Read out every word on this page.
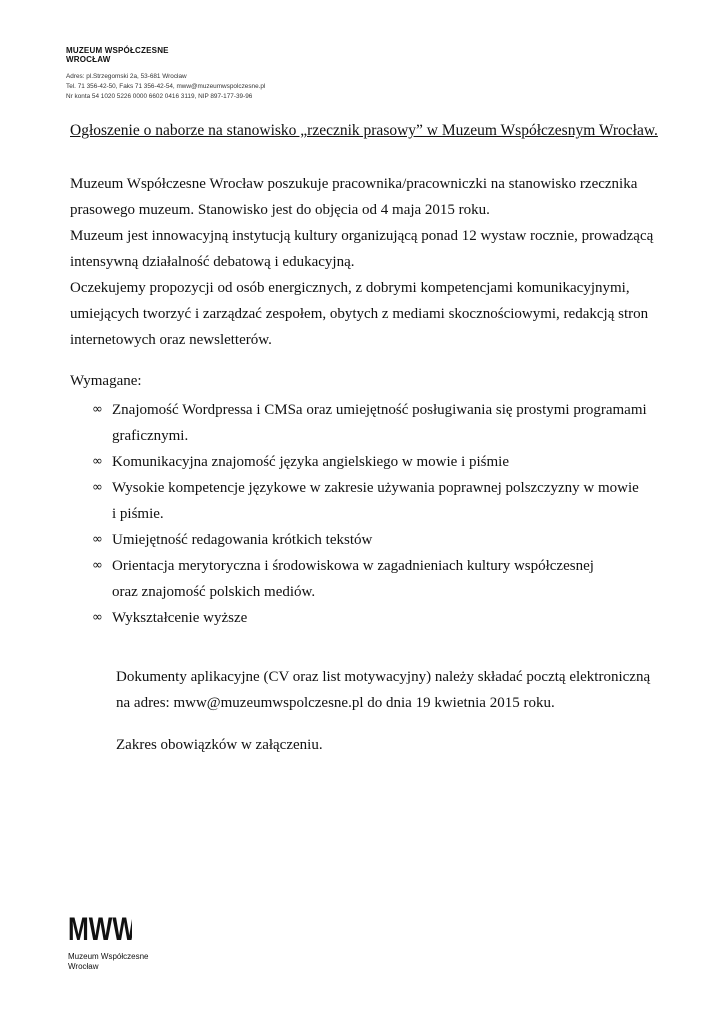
MUZEUM WSPÓŁCZESNE
WROCŁAW
Adres: pl.Strzegomski 2a, 53-681 Wrocław
Tel. 71 356-42-50, Faks 71 356-42-54, mww@muzeumwspolczesne.pl
Nr konta 54 1020 5226 0000 6602 0416 3119, NIP 897-177-39-96
Ogłoszenie o naborze na stanowisko „rzecznik prasowy” w Muzeum Współczesnym Wrocław.

Muzeum Współczesne Wrocław poszukuje pracownika/pracowniczki na stanowisko rzecznika

prasowego muzeum. Stanowisko jest do objęcia od 4 maja 2015 roku.

Muzeum jest innowacyjną instytucją kultury organizującą ponad 12 wystaw rocznie, prowadzącą

intensywną działalność debatową i edukacyjną.

Oczekujemy propozycji od osób energicznych, z dobrymi kompetencjami komunikacyjnymi,

umiejących tworzyć i zarządzać zespołem, obytych z mediami skocznościowymi, redakcją stron

internetowych oraz newsletterów.

Wymagane:
∞ Znajomość Wordpressa i CMSa oraz umiejętność posługiwania się prostymi programami
graficznymi.
∞ Komunikacyjna znajomość języka angielskiego w mowie i piśmie
∞ Wysokie kompetencje językowe w zakresie używania poprawnej polszczyzny w mowie
i piśmie.
∞ Umiejętność redagowania krótkich tekstów
∞ Orientacja merytoryczna i środowiskowa w zagadnieniach kultury współczesnej
oraz znajomość polskich mediów.
∞ Wykształcenie wyższe

Dokumenty aplikacyjne (CV oraz list motywacyjny) należy składać pocztą elektroniczną

na adres: mww@muzeumwspolczesne.pl do dnia 19 kwietnia 2015 roku.

Zakres obowiązków w załączeniu.

MWW
Muzeum Współczesne
Wrocław
